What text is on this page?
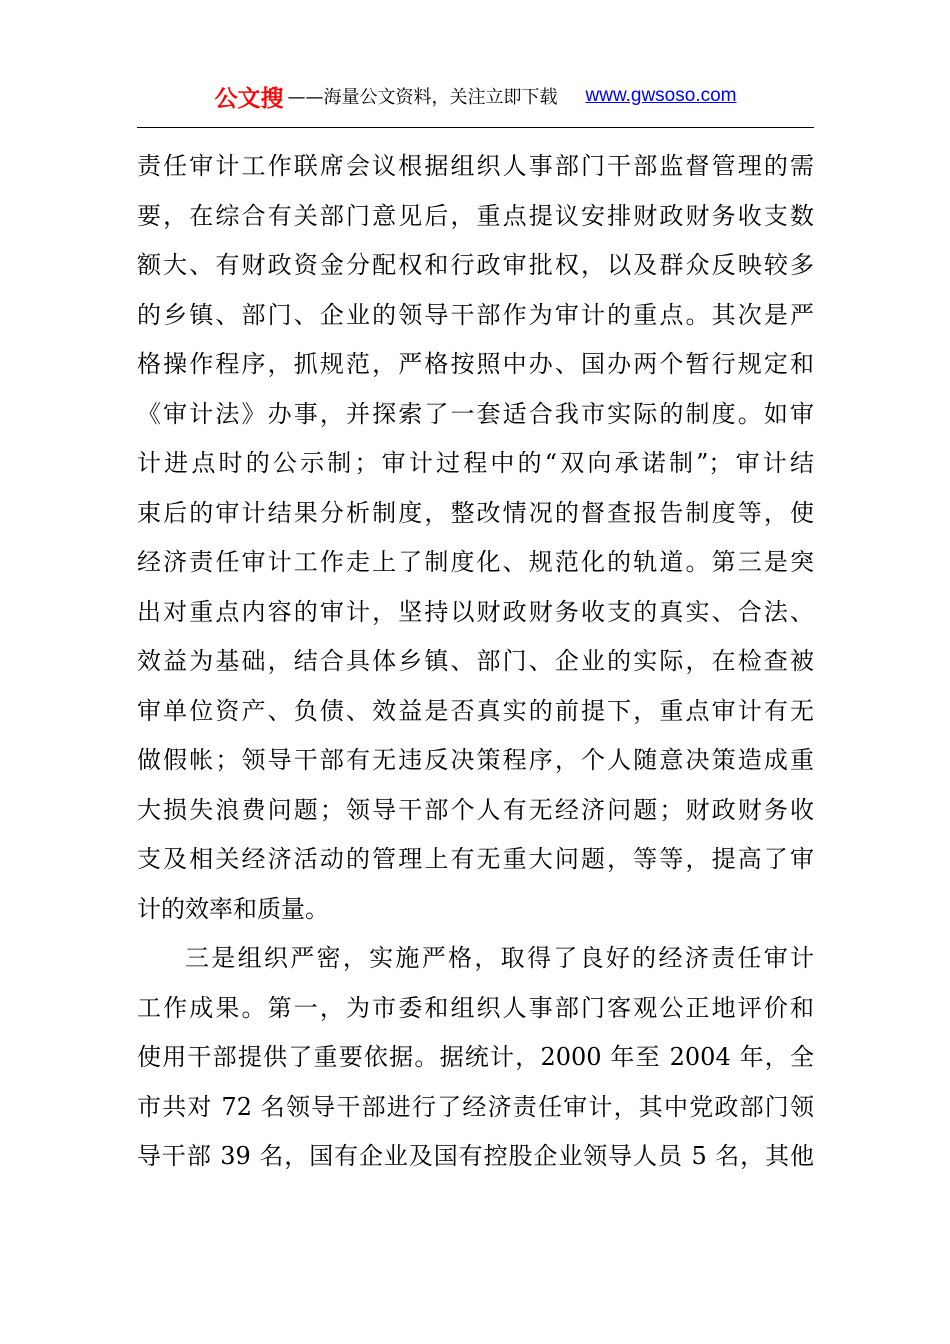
公文搜 ——海量公文资料，关注立即下载 www.gwsoso.com
责任审计工作联席会议根据组织人事部门干部监督管理的需
要，在综合有关部门意见后，重点提议安排财政财务收支数
额大、有财政资金分配权和行政审批权，以及群众反映较多
的乡镇、部门、企业的领导干部作为审计的重点。其次是严
格操作程序，抓规范，严格按照中办、国办两个暂行规定和
《审计法》办事，并探索了一套适合我市实际的制度。如审
计进点时的公示制；审计过程中的“双向承诺制”；审计结
束后的审计结果分析制度，整改情况的督查报告制度等，使
经济责任审计工作走上了制度化、规范化的轨道。第三是突
出对重点内容的审计，坚持以财政财务收支的真实、合法、
效益为基础，结合具体乡镇、部门、企业的实际，在检查被
审单位资产、负债、效益是否真实的前提下，重点审计有无
做假帐；领导干部有无违反决策程序，个人随意决策造成重
大损失浪费问题；领导干部个人有无经济问题；财政财务收
支及相关经济活动的管理上有无重大问题，等等，提高了审
计的效率和质量。
三是组织严密，实施严格，取得了良好的经济责任审计
工作成果。第一，为市委和组织人事部门客观公正地评价和
使用干部提供了重要依据。据统计，2000 年至 2004 年，全
市共对 72 名领导干部进行了经济责任审计，其中党政部门领
导干部 39 名，国有企业及国有控股企业领导人员 5 名，其他
